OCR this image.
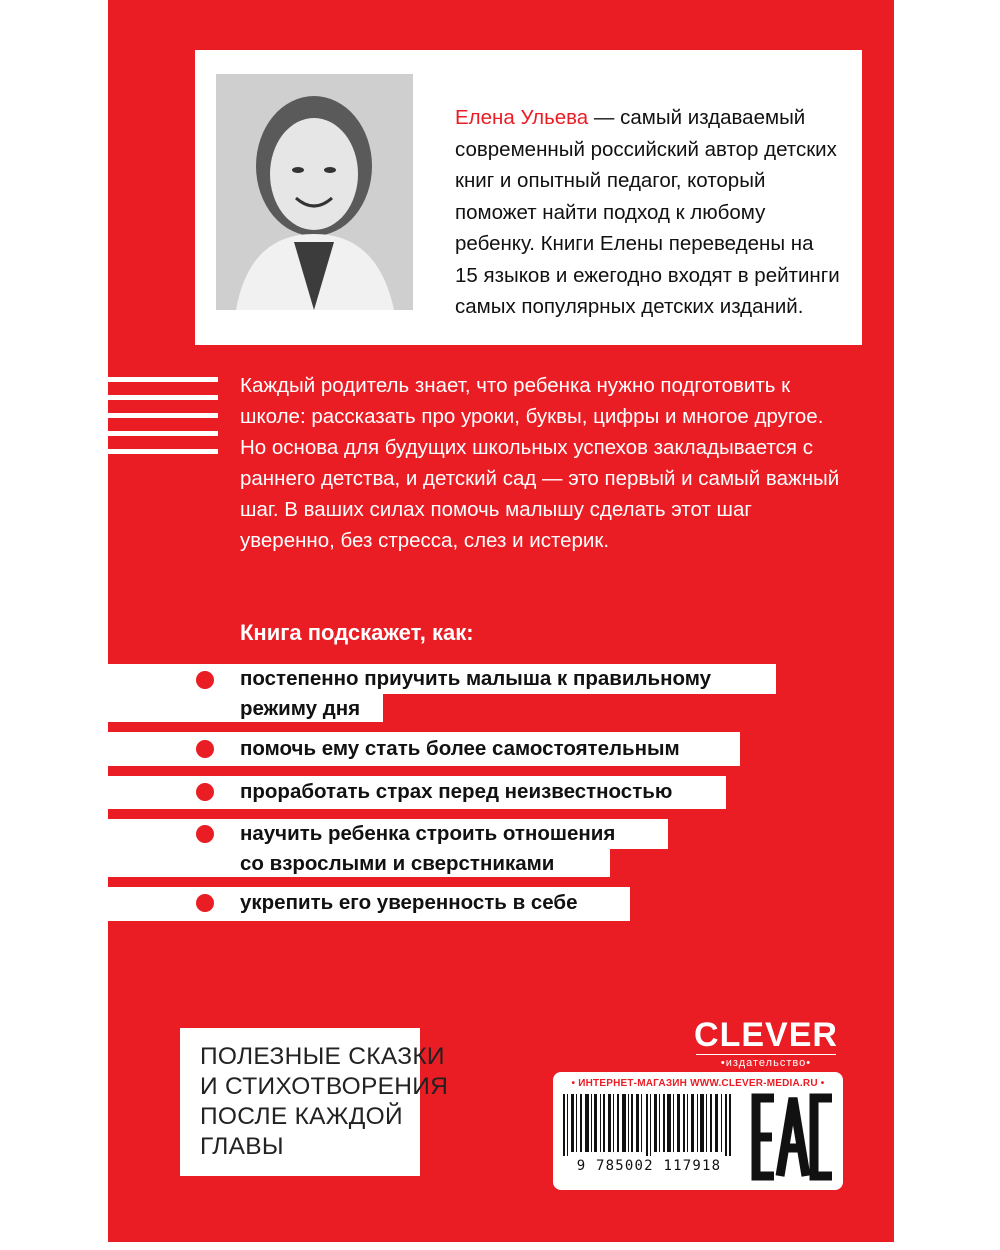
Елена Ульева — самый издаваемый современный российский автор детских книг и опытный педагог, который поможет найти подход к любому ребенку. Книги Елены переведены на 15 языков и ежегодно входят в рейтинги самых популярных детских изданий.
Каждый родитель знает, что ребенка нужно подготовить к школе: рассказать про уроки, буквы, цифры и многое другое. Но основа для будущих школьных успехов закладывается с раннего детства, и детский сад — это первый и самый важный шаг. В ваших силах помочь малышу сделать этот шаг уверенно, без стресса, слез и истерик.
Книга подскажет, как:
постепенно приучить малыша к правильному
режиму дня
помочь ему стать более самостоятельным
проработать страх перед неизвестностью
научить ребенка строить отношения
со взрослыми и сверстниками
укрепить его уверенность в себе
ПОЛЕЗНЫЕ СКАЗКИ
И СТИХОТВОРЕНИЯ
ПОСЛЕ КАЖДОЙ
ГЛАВЫ
CLEVER
•издательство•
• ИНТЕРНЕТ-МАГАЗИН WWW.CLEVER-MEDIA.RU •
9 785002 117918
